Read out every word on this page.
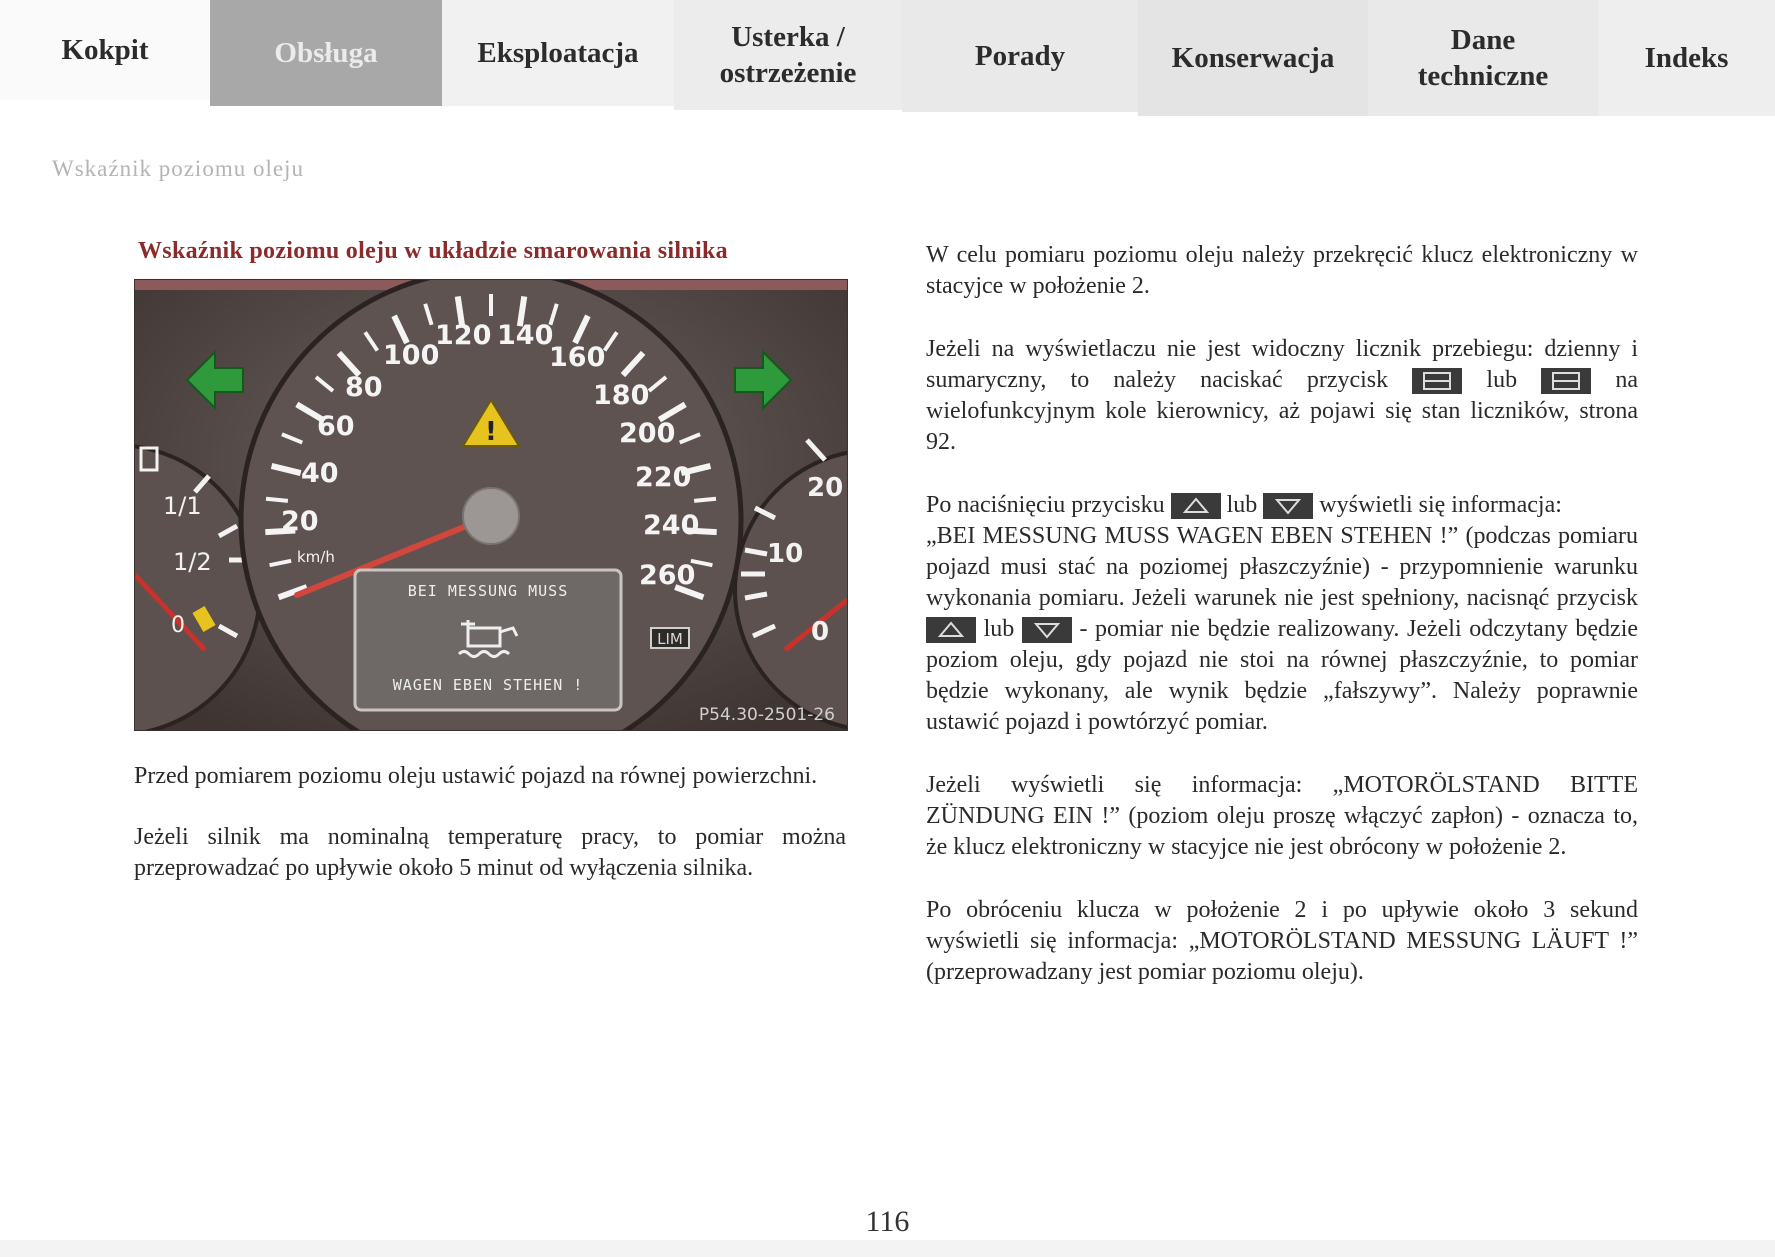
Kokpit	Obsługa	Eksploatacja	Usterka /
ostrzeżenie
Porady	Konserwacja
Dane
techniczne
Indeks
Wskaźnik poziomu oleju
Wskaźnik poziomu oleju w układzie smarowania silnika
1/1
1/2
0
20
10
0
20
40
60
80
100
120 140
160
180
200
220
240
260
km/h
!
BEI MESSUNG MUSS
WAGEN EBEN STEHEN !
LIM
P54.30-2501-26

Przed pomiarem poziomu oleju ustawić pojazd na równej powierzchni.

Jeżeli silnik ma nominalną temperaturę pracy, to pomiar można przeprowadzać po upływie około 5 minut od wyłączenia silnika.

W celu pomiaru poziomu oleju należy przekręcić klucz elektroniczny w stacyjce w położenie 2.

Jeżeli na wyświetlaczu nie jest widoczny licznik przebiegu: dzienny i sumaryczny, to należy naciskać przycisk	lub	na wielofunkcyjnym kole kierownicy, aż pojawi się stan liczników, strona 92.

Po naciśnięciu przycisku	lub	wyświetli się informacja:

„BEI MESSUNG MUSS WAGEN EBEN STEHEN !” (podczas pomiaru pojazd musi stać na poziomej płaszczyźnie) - przypomnienie warunku wykonania pomiaru. Jeżeli warunek nie jest spełniony, nacisnąć przycisk
lub	- pomiar nie będzie realizowany. Jeżeli odczytany będzie poziom oleju, gdy pojazd nie stoi na równej płaszczyźnie, to pomiar będzie wykonany, ale wynik będzie „fałszywy”. Należy poprawnie ustawić pojazd i powtórzyć pomiar.

Jeżeli wyświetli się informacja: „MOTORÖLSTAND BITTE ZÜNDUNG EIN !” (poziom oleju proszę włączyć zapłon) - oznacza to, że klucz elektroniczny w stacyjce nie jest obrócony w położenie 2.

Po obróceniu klucza w położenie 2 i po upływie około 3 sekund wyświetli się informacja: „MOTORÖLSTAND MESSUNG LÄUFT !” (przeprowadzany jest pomiar poziomu oleju).

116
